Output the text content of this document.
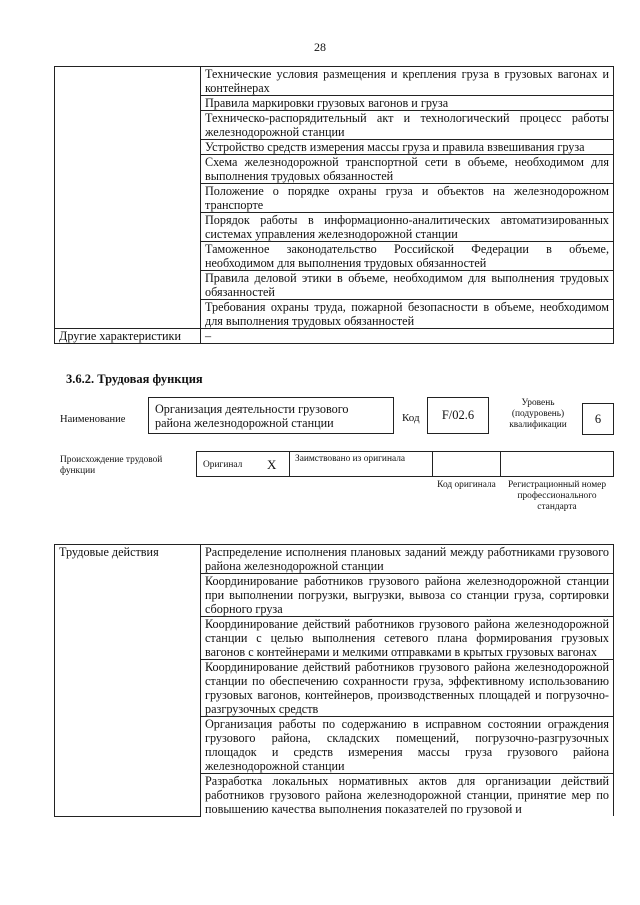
28
	Технические условия размещения и крепления груза в грузовых вагонах и контейнерах
	Правила маркировки грузовых вагонов и груза
	Техническо-распорядительный акт и технологический процесс работы железнодорожной станции
	Устройство средств измерения массы груза и правила взвешивания груза
	Схема железнодорожной транспортной сети в объеме, необходимом для выполнения трудовых обязанностей
	Положение о порядке охраны груза и объектов на железнодорожном транспорте
	Порядок работы в информационно-аналитических автоматизированных системах управления железнодорожной станции
	Таможенное законодательство Российской Федерации в объеме, необходимом для выполнения трудовых обязанностей
	Правила деловой этики в объеме, необходимом для выполнения трудовых обязанностей
	Требования охраны труда, пожарной безопасности в объеме, необходимом для выполнения трудовых обязанностей
Другие характеристики	–
3.6.2. Трудовая функция
Наименование
Организация деятельности грузового района железнодорожной станции	Код	F/02.6
Уровень (подуровень) квалификации	6
Происхождение трудовой функции
Оригинал X Заимствовано из оригинала
Код оригинала	Регистрационный номер профессионального стандарта
Трудовые действия	Распределение исполнения плановых заданий между работниками грузового района железнодорожной станции
Координирование работников грузового района железнодорожной станции при выполнении погрузки, выгрузки, вывоза со станции груза, сортировки сборного груза
Координирование действий работников грузового района железнодорожной станции с целью выполнения сетевого плана формирования грузовых вагонов с контейнерами и мелкими отправками в крытых грузовых вагонах
Координирование действий работников грузового района железнодорожной станции по обеспечению сохранности груза, эффективному использованию грузовых вагонов, контейнеров, производственных площадей и погрузочно-разгрузочных средств
Организация работы по содержанию в исправном состоянии ограждения грузового района, складских помещений, погрузочно-разгрузочных площадок и средств измерения массы груза грузового района железнодорожной станции
Разработка локальных нормативных актов для организации действий работников грузового района железнодорожной станции, принятие мер по повышению качества выполнения показателей по грузовой и
